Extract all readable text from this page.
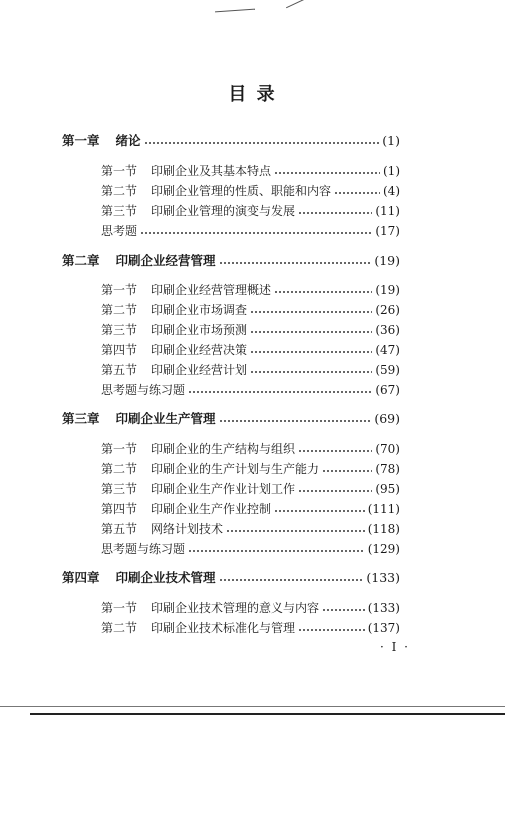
目 录
第一章 绪论	(1)
第一节 印刷企业及其基本特点	(1)
第二节 印刷企业管理的性质、职能和内容	(4)
第三节 印刷企业管理的演变与发展	(11)
思考题	(17)
第二章 印刷企业经营管理	(19)
第一节 印刷企业经营管理概述	(19)
第二节 印刷企业市场调查	(26)
第三节 印刷企业市场预测	(36)
第四节 印刷企业经营决策	(47)
第五节 印刷企业经营计划	(59)
思考题与练习题	(67)
第三章 印刷企业生产管理	(69)
第一节 印刷企业的生产结构与组织	(70)
第二节 印刷企业的生产计划与生产能力	(78)
第三节 印刷企业生产作业计划工作	(95)
第四节 印刷企业生产作业控制	(111)
第五节 网络计划技术	(118)
思考题与练习题	(129)
第四章 印刷企业技术管理	(133)
第一节 印刷企业技术管理的意义与内容	(133)
第二节 印刷企业技术标准化与管理	(137)
· I ·
